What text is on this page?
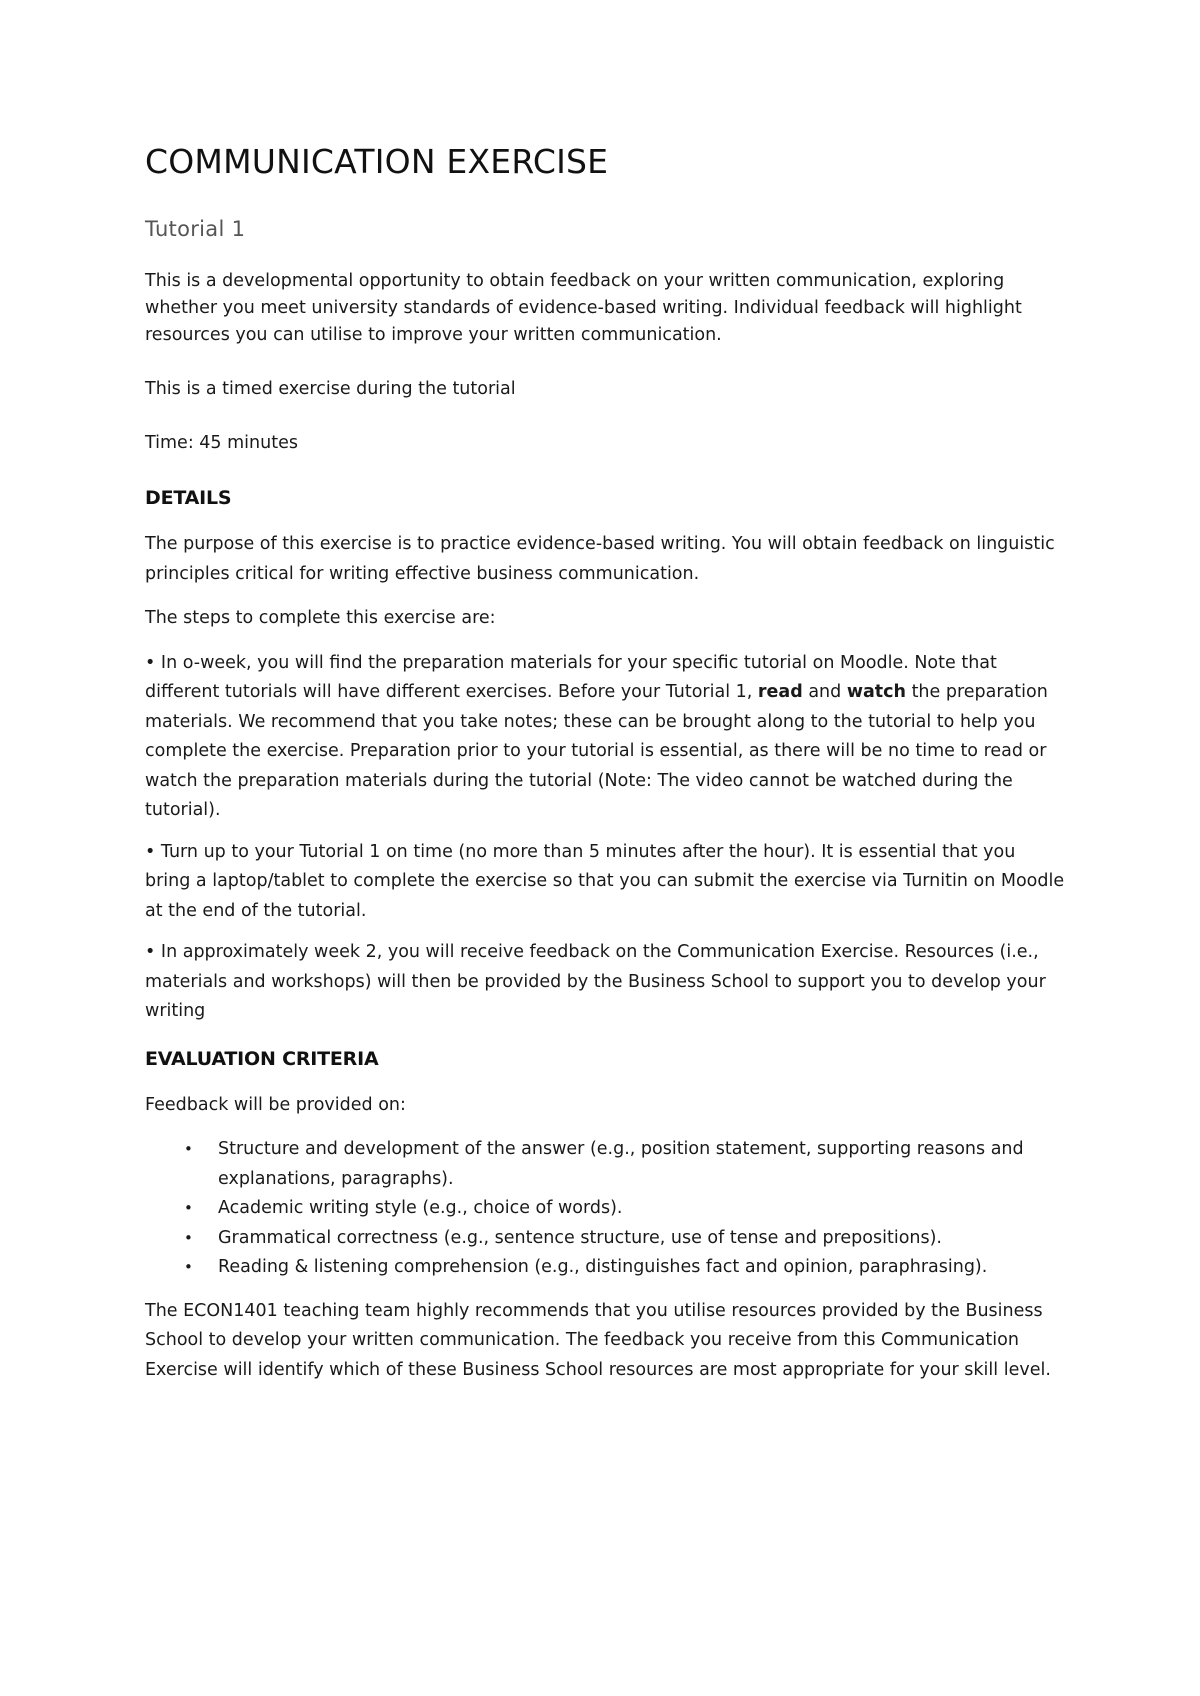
COMMUNICATION EXERCISE
Tutorial 1

This is a developmental opportunity to obtain feedback on your written communication, exploring whether you meet university standards of evidence-based writing. Individual feedback will highlight resources you can utilise to improve your written communication.

This is a timed exercise during the tutorial

Time: 45 minutes

DETAILS

The purpose of this exercise is to practice evidence-based writing. You will obtain feedback on linguistic principles critical for writing effective business communication.

The steps to complete this exercise are:

• In o-week, you will find the preparation materials for your specific tutorial on Moodle. Note that different tutorials will have different exercises. Before your Tutorial 1, read and watch the preparation materials. We recommend that you take notes; these can be brought along to the tutorial to help you complete the exercise. Preparation prior to your tutorial is essential, as there will be no time to read or watch the preparation materials during the tutorial (Note: The video cannot be watched during the tutorial).

• Turn up to your Tutorial 1 on time (no more than 5 minutes after the hour). It is essential that you bring a laptop/tablet to complete the exercise so that you can submit the exercise via Turnitin on Moodle at the end of the tutorial.

• In approximately week 2, you will receive feedback on the Communication Exercise. Resources (i.e., materials and workshops) will then be provided by the Business School to support you to develop your writing

EVALUATION CRITERIA

Feedback will be provided on:

• Structure and development of the answer (e.g., position statement, supporting reasons and explanations, paragraphs).
• Academic writing style (e.g., choice of words).
• Grammatical correctness (e.g., sentence structure, use of tense and prepositions).
• Reading & listening comprehension (e.g., distinguishes fact and opinion, paraphrasing).

The ECON1401 teaching team highly recommends that you utilise resources provided by the Business School to develop your written communication. The feedback you receive from this Communication Exercise will identify which of these Business School resources are most appropriate for your skill level.
